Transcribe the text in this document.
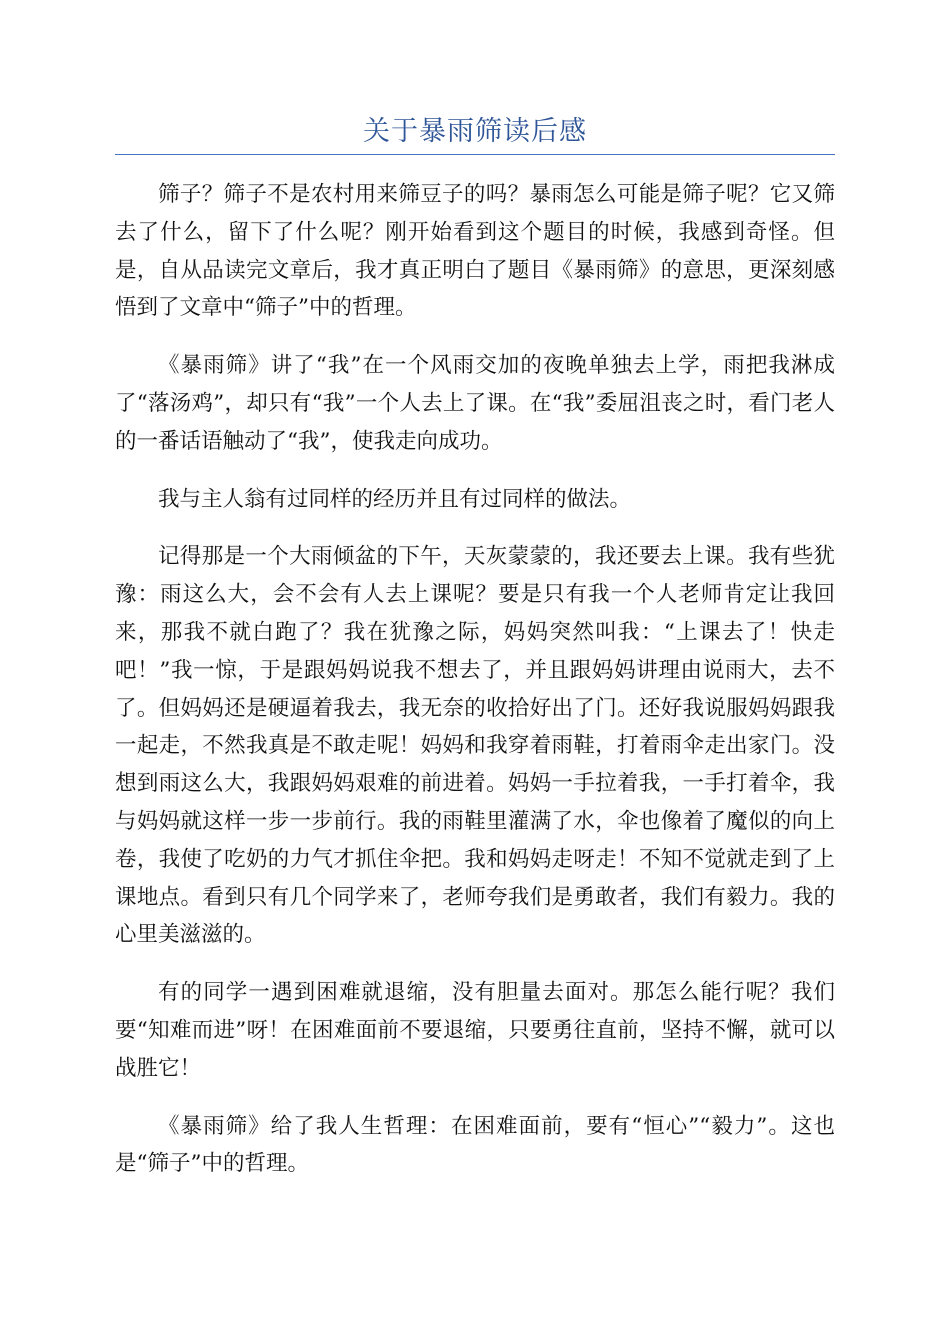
关于暴雨筛读后感

筛子？筛子不是农村用来筛豆子的吗？暴雨怎么可能是筛子呢？它又筛去了什么，留下了什么呢？刚开始看到这个题目的时候，我感到奇怪。但是，自从品读完文章后，我才真正明白了题目《暴雨筛》的意思，更深刻感悟到了文章中“筛子”中的哲理。

《暴雨筛》讲了“我”在一个风雨交加的夜晚单独去上学，雨把我淋成了“落汤鸡”，却只有“我”一个人去上了课。在“我”委屈沮丧之时，看门老人的一番话语触动了“我”，使我走向成功。

我与主人翁有过同样的经历并且有过同样的做法。

记得那是一个大雨倾盆的下午，天灰蒙蒙的，我还要去上课。我有些犹豫：雨这么大，会不会有人去上课呢？要是只有我一个人老师肯定让我回来，那我不就白跑了？我在犹豫之际，妈妈突然叫我：“上课去了！快走吧！”我一惊，于是跟妈妈说我不想去了，并且跟妈妈讲理由说雨大，去不了。但妈妈还是硬逼着我去，我无奈的收拾好出了门。还好我说服妈妈跟我一起走，不然我真是不敢走呢！妈妈和我穿着雨鞋，打着雨伞走出家门。没想到雨这么大，我跟妈妈艰难的前进着。妈妈一手拉着我，一手打着伞，我与妈妈就这样一步一步前行。我的雨鞋里灌满了水，伞也像着了魔似的向上卷，我使了吃奶的力气才抓住伞把。我和妈妈走呀走！不知不觉就走到了上课地点。看到只有几个同学来了，老师夸我们是勇敢者，我们有毅力。我的心里美滋滋的。

有的同学一遇到困难就退缩，没有胆量去面对。那怎么能行呢？我们要“知难而进”呀！在困难面前不要退缩，只要勇往直前，坚持不懈，就可以战胜它！

《暴雨筛》给了我人生哲理：在困难面前，要有“恒心”“毅力”。这也是“筛子”中的哲理。
